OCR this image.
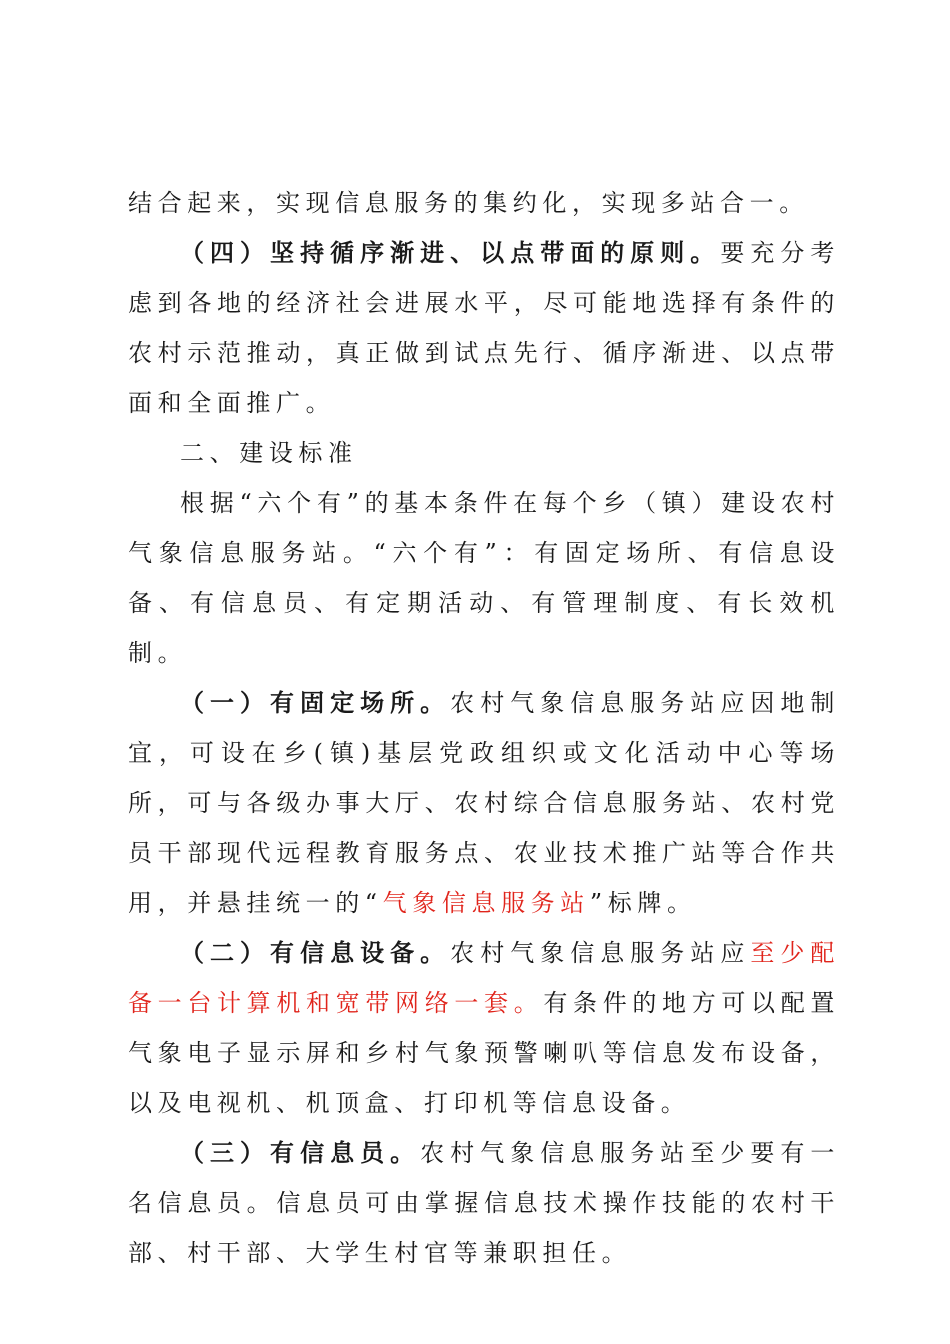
结合起来，实现信息服务的集约化，实现多站合一。

（四）坚持循序渐进、以点带面的原则。要充分考虑到各地的经济社会进展水平，尽可能地选择有条件的农村示范推动，真正做到试点先行、循序渐进、以点带面和全面推广。

二、建设标准

根据“六个有”的基本条件在每个乡（镇）建设农村气象信息服务站。“六个有”：有固定场所、有信息设备、有信息员、有定期活动、有管理制度、有长效机制。

（一）有固定场所。农村气象信息服务站应因地制宜，可设在乡(镇)基层党政组织或文化活动中心等场所，可与各级办事大厅、农村综合信息服务站、农村党员干部现代远程教育服务点、农业技术推广站等合作共用，并悬挂统一的“气象信息服务站”标牌。

（二）有信息设备。农村气象信息服务站应至少配备一台计算机和宽带网络一套。有条件的地方可以配置气象电子显示屏和乡村气象预警喇叭等信息发布设备，以及电视机、机顶盒、打印机等信息设备。

（三）有信息员。农村气象信息服务站至少要有一名信息员。信息员可由掌握信息技术操作技能的农村干部、村干部、大学生村官等兼职担任。
